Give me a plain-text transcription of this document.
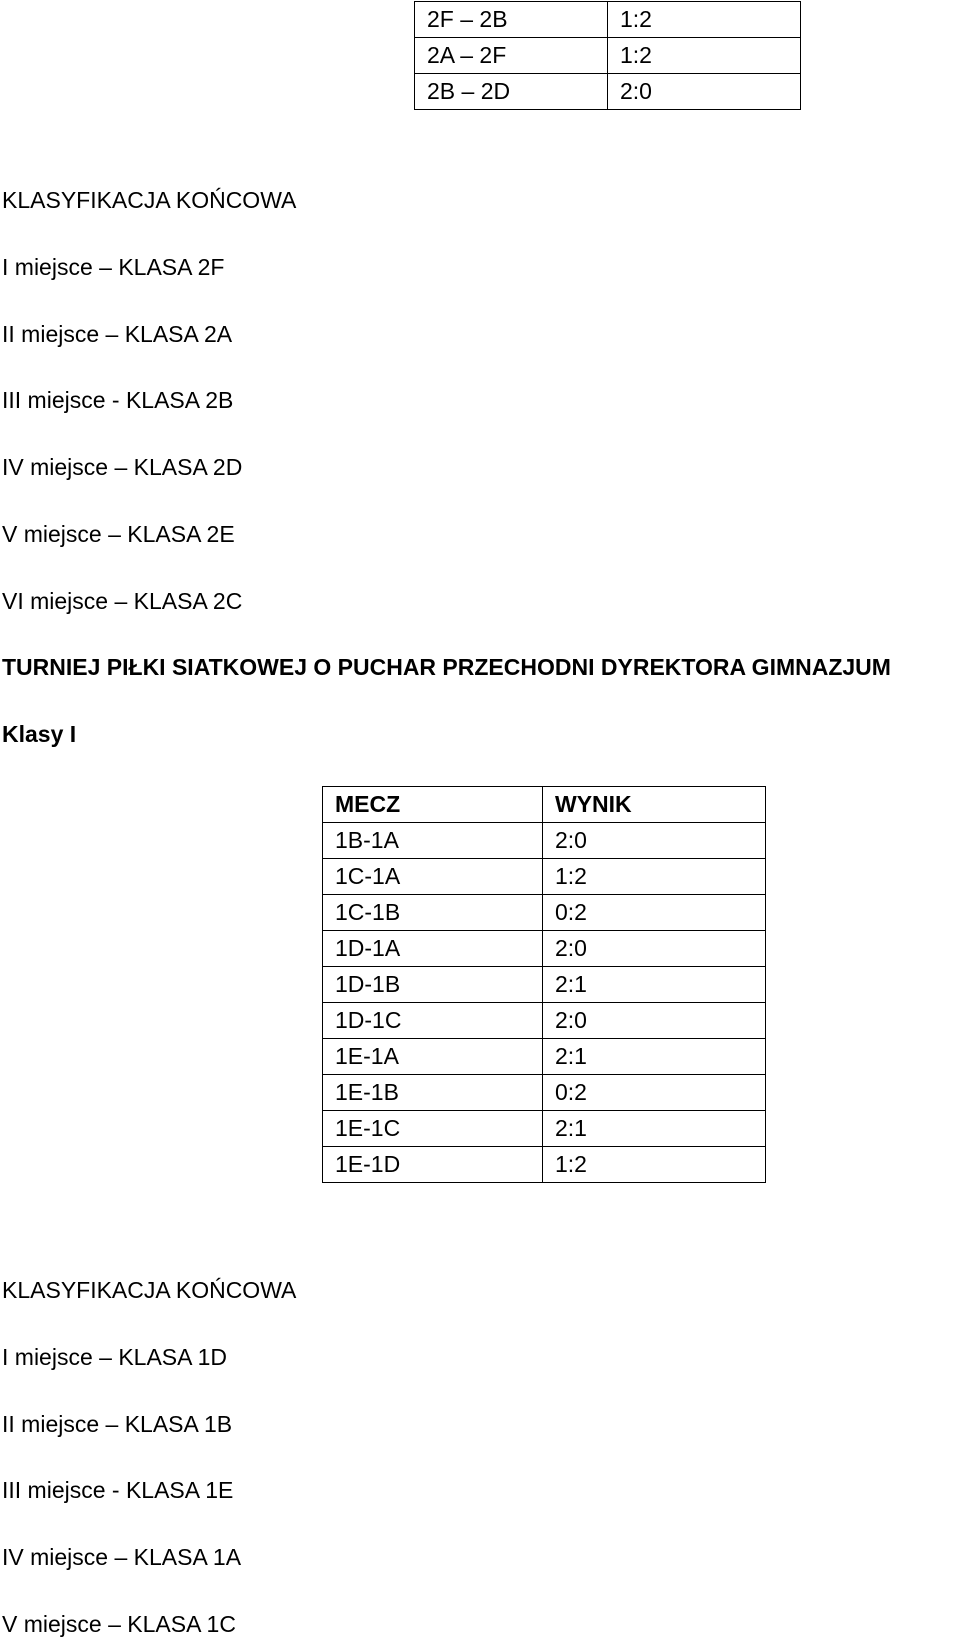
2F – 2B	1:2
2A – 2F	1:2
2B – 2D	2:0
KLASYFIKACJA KOŃCOWA
I miejsce – KLASA 2F
II miejsce – KLASA 2A
III miejsce - KLASA 2B
IV miejsce – KLASA 2D
V miejsce – KLASA 2E
VI miejsce – KLASA 2C
TURNIEJ PIŁKI SIATKOWEJ O PUCHAR PRZECHODNI DYREKTORA GIMNAZJUM
Klasy I
MECZ	WYNIK
1B-1A	2:0
1C-1A	1:2
1C-1B	0:2
1D-1A	2:0
1D-1B	2:1
1D-1C	2:0
1E-1A	2:1
1E-1B	0:2
1E-1C	2:1
1E-1D	1:2
KLASYFIKACJA KOŃCOWA
I miejsce – KLASA 1D
II miejsce – KLASA 1B
III miejsce - KLASA 1E
IV miejsce – KLASA 1A
V miejsce – KLASA 1C
